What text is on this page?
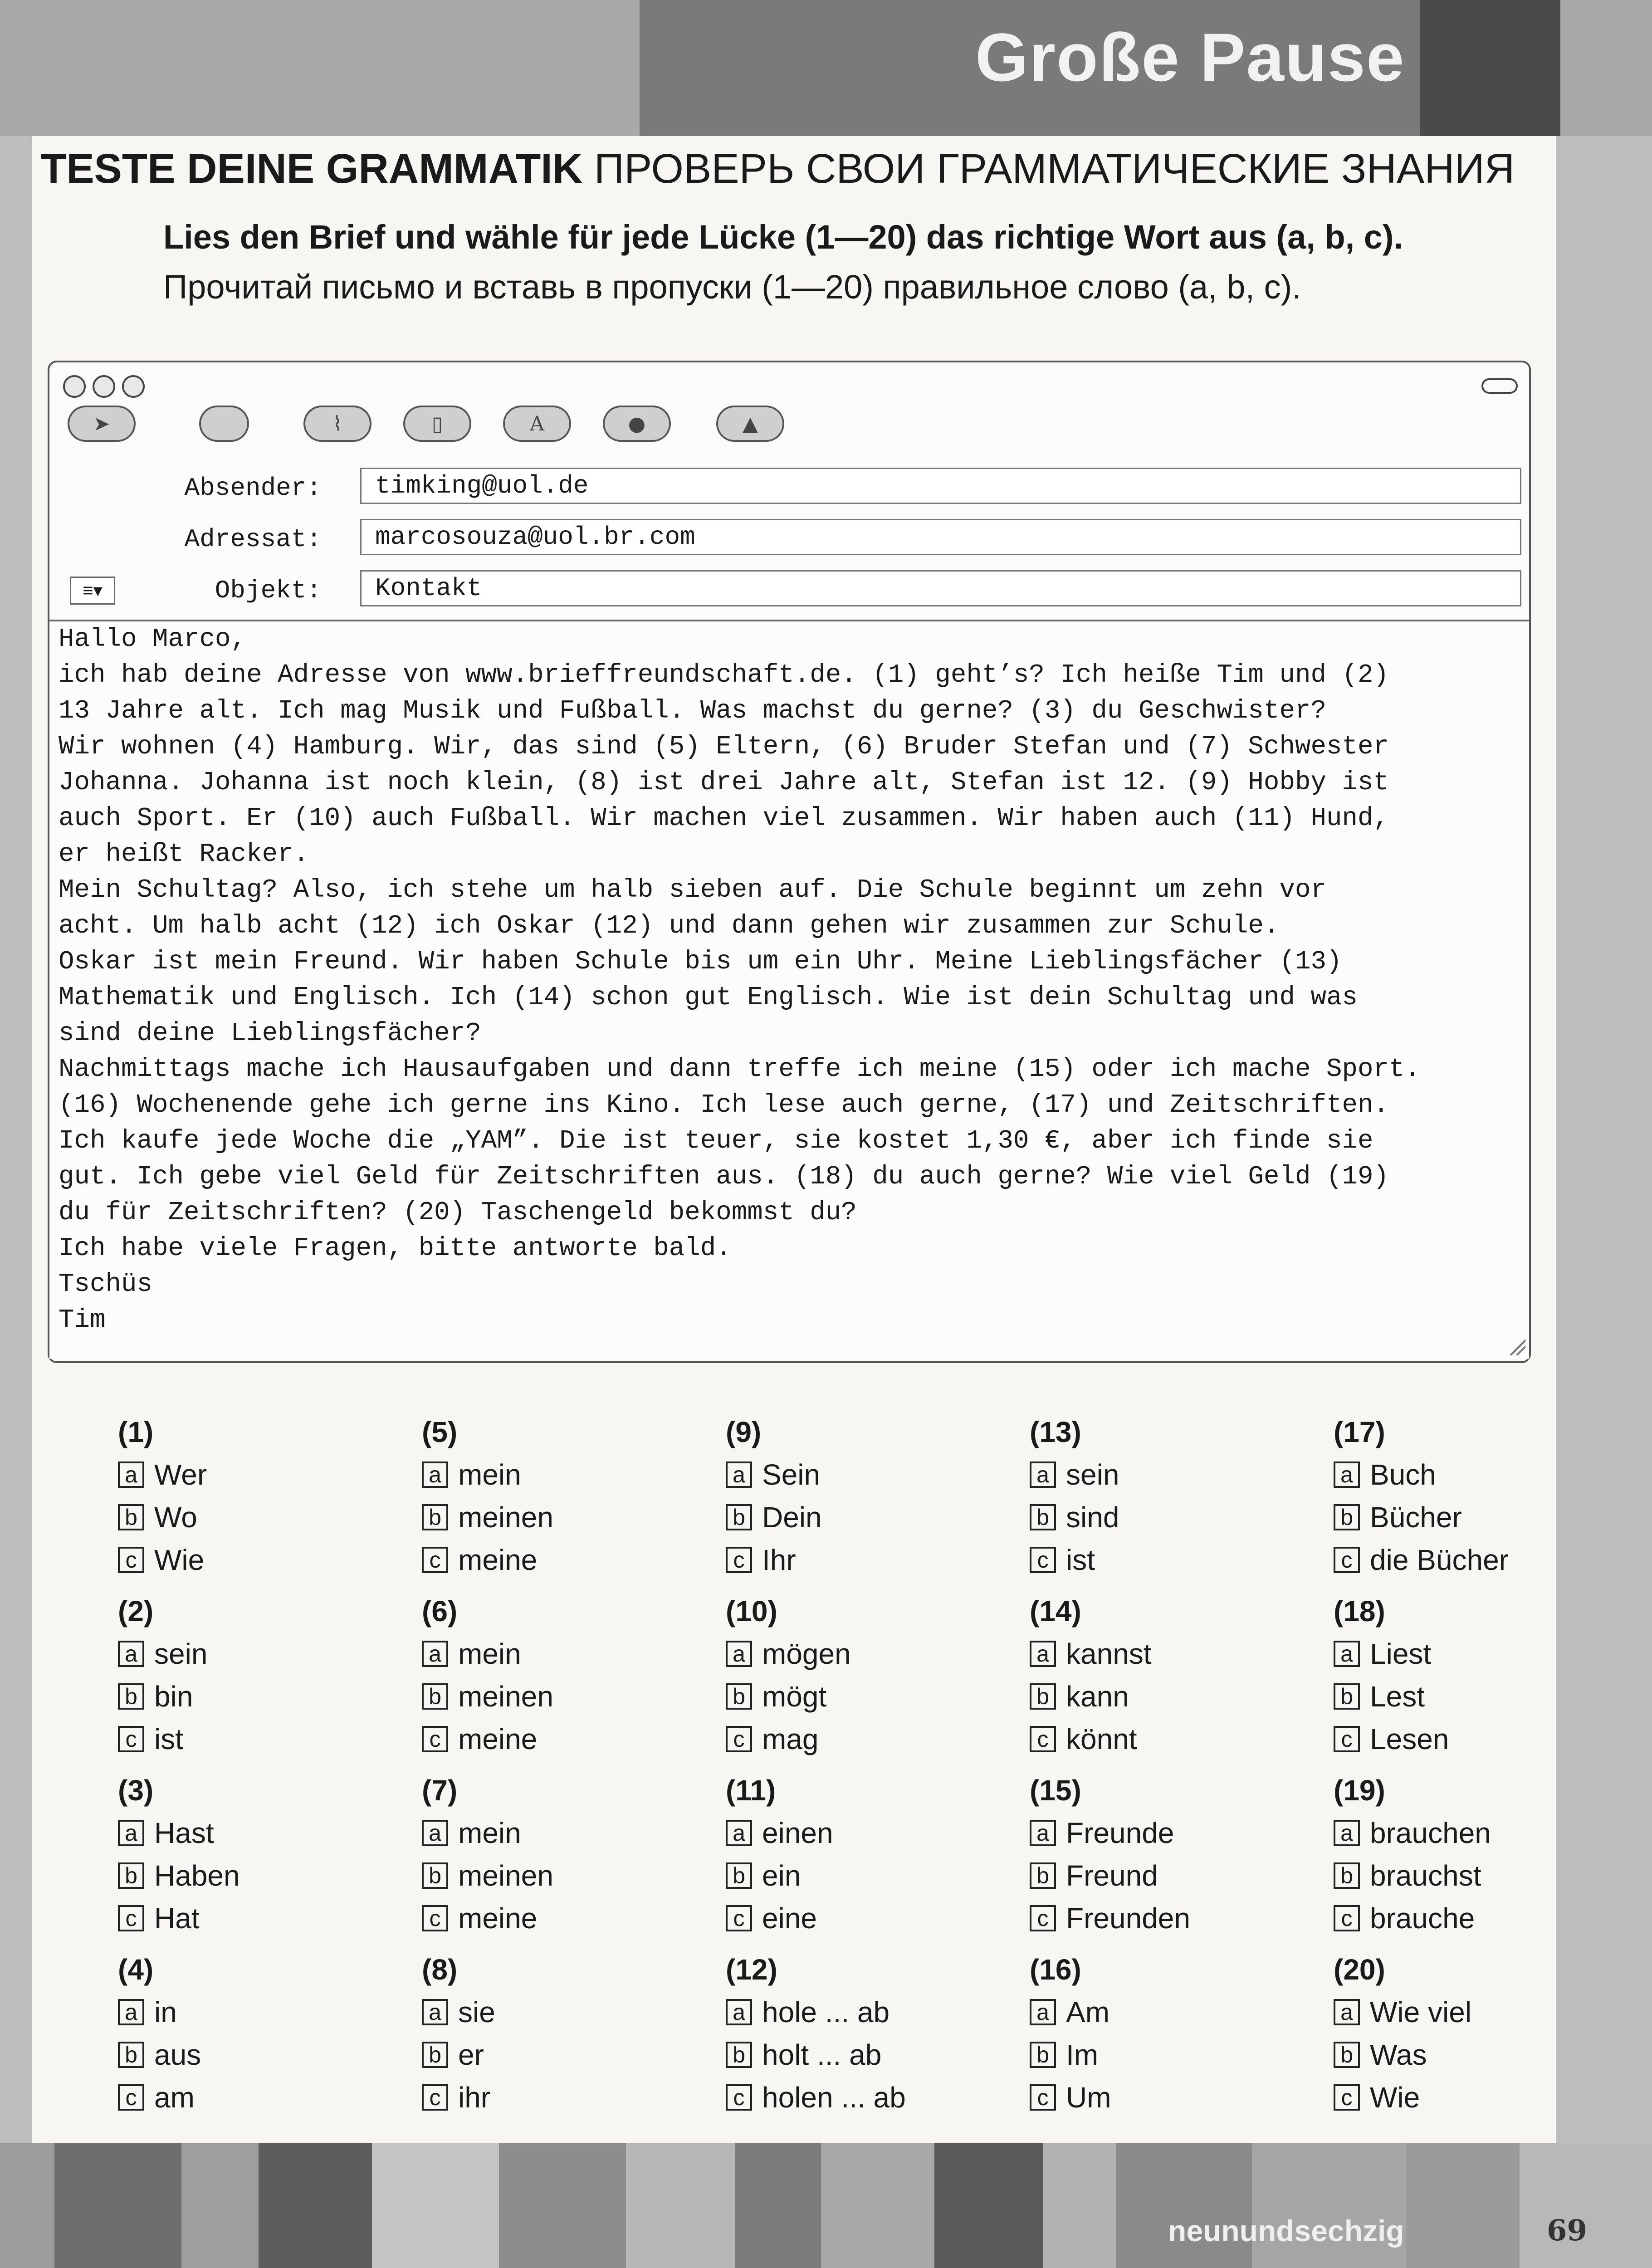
Große Pause
TESTE DEINE GRAMMATIK ПРОВЕРЬ СВОИ ГРАММАТИЧЕСКИЕ ЗНАНИЯ
Lies den Brief und wähle für jede Lücke (1—20) das richtige Wort aus (a, b, c).
Прочитай письмо и вставь в пропуски (1—20) правильное слово (a, b, c).
➤	⌇	▯	A	●	▲
Absender:	timking@uol.de
Adressat:	marcosouza@uol.br.com
≡▾	Objekt:	Kontakt
Hallo Marco,
ich hab deine Adresse von www.brieffreundschaft.de. (1) geht’s? Ich heiße Tim und (2)
13 Jahre alt. Ich mag Musik und Fußball. Was machst du gerne? (3) du Geschwister?
Wir wohnen (4) Hamburg. Wir, das sind (5) Eltern, (6) Bruder Stefan und (7) Schwester
Johanna. Johanna ist noch klein, (8) ist drei Jahre alt, Stefan ist 12. (9) Hobby ist
auch Sport. Er (10) auch Fußball. Wir machen viel zusammen. Wir haben auch (11) Hund,
er heißt Racker.
Mein Schultag? Also, ich stehe um halb sieben auf. Die Schule beginnt um zehn vor
acht. Um halb acht (12) ich Oskar (12) und dann gehen wir zusammen zur Schule.
Oskar ist mein Freund. Wir haben Schule bis um ein Uhr. Meine Lieblingsfächer (13)
Mathematik und Englisch. Ich (14) schon gut Englisch. Wie ist dein Schultag und was
sind deine Lieblingsfächer?
Nachmittags mache ich Hausaufgaben und dann treffe ich meine (15) oder ich mache Sport.
(16) Wochenende gehe ich gerne ins Kino. Ich lese auch gerne, (17) und Zeitschriften.
Ich kaufe jede Woche die „YAM”. Die ist teuer, sie kostet 1,30 €, aber ich finde sie
gut. Ich gebe viel Geld für Zeitschriften aus. (18) du auch gerne? Wie viel Geld (19)
du für Zeitschriften? (20) Taschengeld bekommst du?
Ich habe viele Fragen, bitte antworte bald.
Tschüs
Tim
(1)
a Wer
b Wo
c Wie
(2)
a sein
b bin
c ist
(3)
a Hast
b Haben
c Hat
(4)
a in
b aus
c am
(5)
a mein
b meinen
c meine
(6)
a mein
b meinen
c meine
(7)
a mein
b meinen
c meine
(8)
a sie
b er
c ihr
(9)
a Sein
b Dein
c Ihr
(10)
a mögen
b mögt
c mag
(11)
a einen
b ein
c eine
(12)
a hole ... ab
b holt ... ab
c holen ... ab
(13)
a sein
b sind
c ist
(14)
a kannst
b kann
c könnt
(15)
a Freunde
b Freund
c Freunden
(16)
a Am
b Im
c Um
(17)
a Buch
b Bücher
c die Bücher
(18)
a Liest
b Lest
c Lesen
(19)
a brauchen
b brauchst
c brauche
(20)
a Wie viel
b Was
c Wie
neunundsechzig	69
